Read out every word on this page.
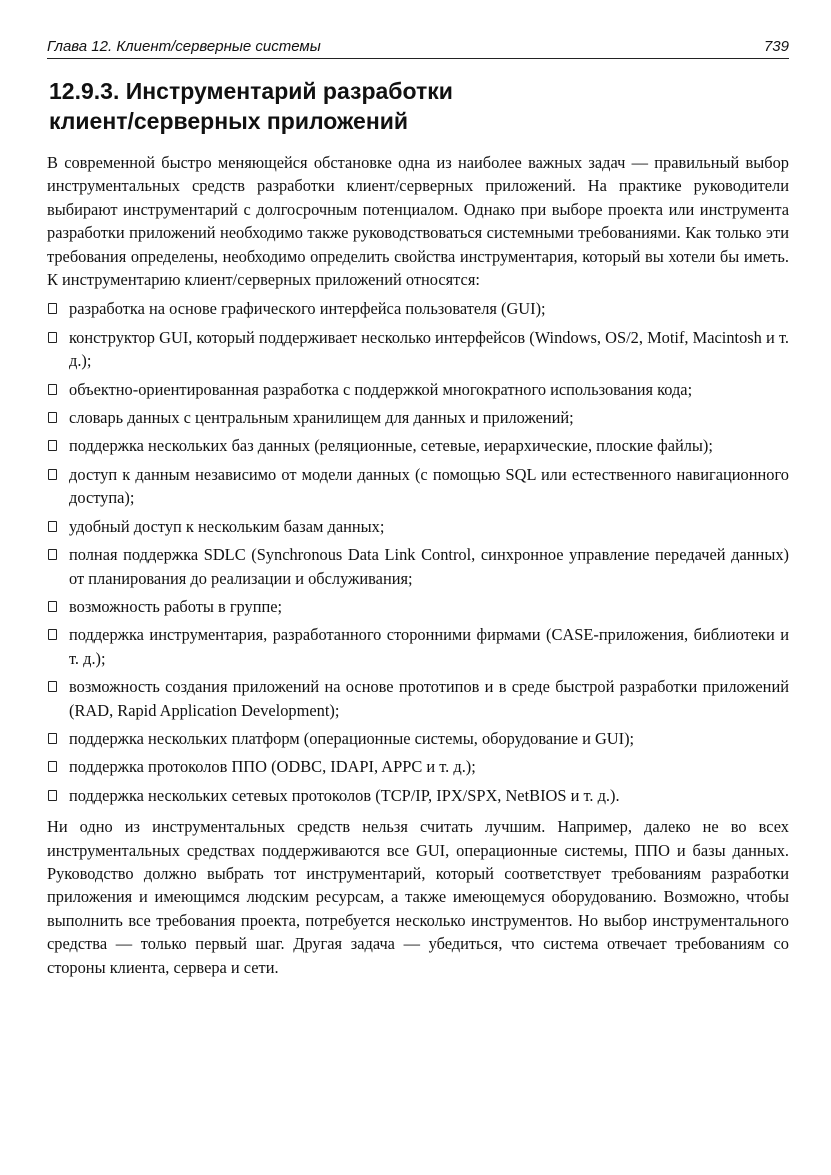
Глава 12. Клиент/серверные системы	739
12.9.3. Инструментарий разработки
клиент/серверных приложений

В современной быстро меняющейся обстановке одна из наиболее важных задач — правильный выбор инструментальных средств разработки клиент/серверных приложений. На практике руководители выбирают инструментарий с долгосрочным потенциалом. Однако при выборе проекта или инструмента разработки приложений необходимо также руководствоваться системными требованиями. Как только эти требования определены, необходимо определить свойства инструментария, который вы хотели бы иметь. К инструментарию клиент/серверных приложений относятся:

разработка на основе графического интерфейса пользователя (GUI);
конструктор GUI, который поддерживает несколько интерфейсов (Windows, OS/2, Motif, Macintosh и т. д.);
объектно-ориентированная разработка с поддержкой многократного использования кода;
словарь данных с центральным хранилищем для данных и приложений;
поддержка нескольких баз данных (реляционные, сетевые, иерархические, плоские файлы);
доступ к данным независимо от модели данных (с помощью SQL или естественного навигационного доступа);
удобный доступ к нескольким базам данных;
полная поддержка SDLC (Synchronous Data Link Control, синхронное управление передачей данных) от планирования до реализации и обслуживания;
возможность работы в группе;
поддержка инструментария, разработанного сторонними фирмами (CASE-приложения, библиотеки и т. д.);
возможность создания приложений на основе прототипов и в среде быстрой разработки приложений (RAD, Rapid Application Development);
поддержка нескольких платформ (операционные системы, оборудование и GUI);
поддержка протоколов ППО (ODBC, IDAPI, APPC и т. д.);
поддержка нескольких сетевых протоколов (TCP/IP, IPX/SPX, NetBIOS и т. д.).

Ни одно из инструментальных средств нельзя считать лучшим. Например, далеко не во всех инструментальных средствах поддерживаются все GUI, операционные системы, ППО и базы данных. Руководство должно выбрать тот инструментарий, который соответствует требованиям разработки приложения и имеющимся людским ресурсам, а также имеющемуся оборудованию. Возможно, чтобы выполнить все требования проекта, потребуется несколько инструментов. Но выбор инструментального средства — только первый шаг. Другая задача — убедиться, что система отвечает требованиям со стороны клиента, сервера и сети.
